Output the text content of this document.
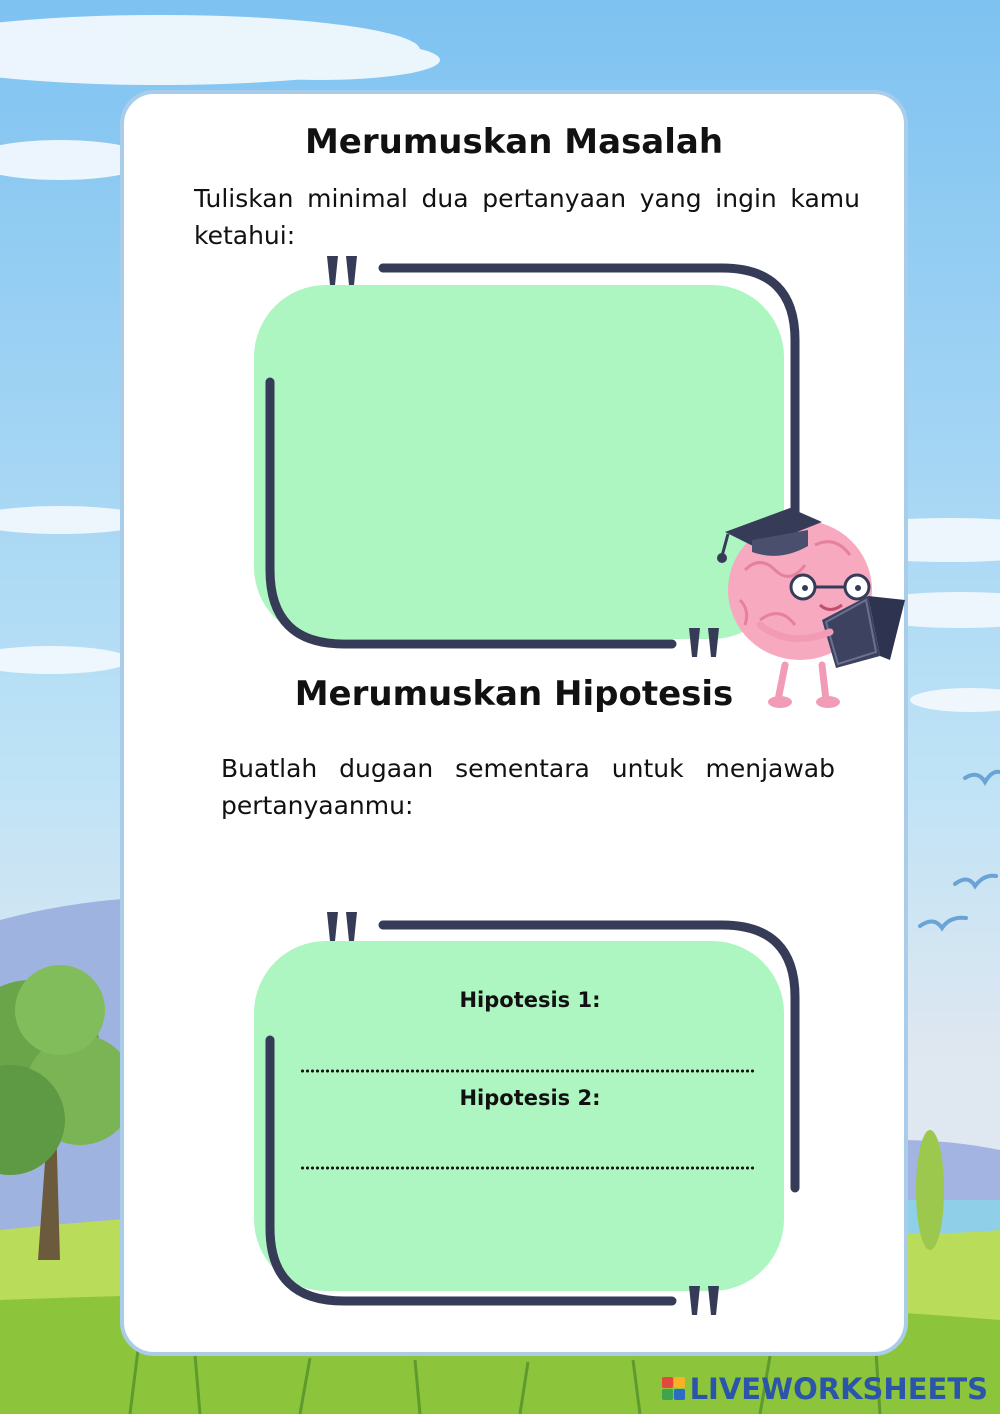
Merumuskan Masalah
Tuliskan minimal dua pertanyaan yang ingin kamu ketahui:
Merumuskan Hipotesis
Buatlah dugaan sementara untuk menjawab pertanyaanmu:
Hipotesis 1:
Hipotesis 2:
LIVEWORKSHEETS
